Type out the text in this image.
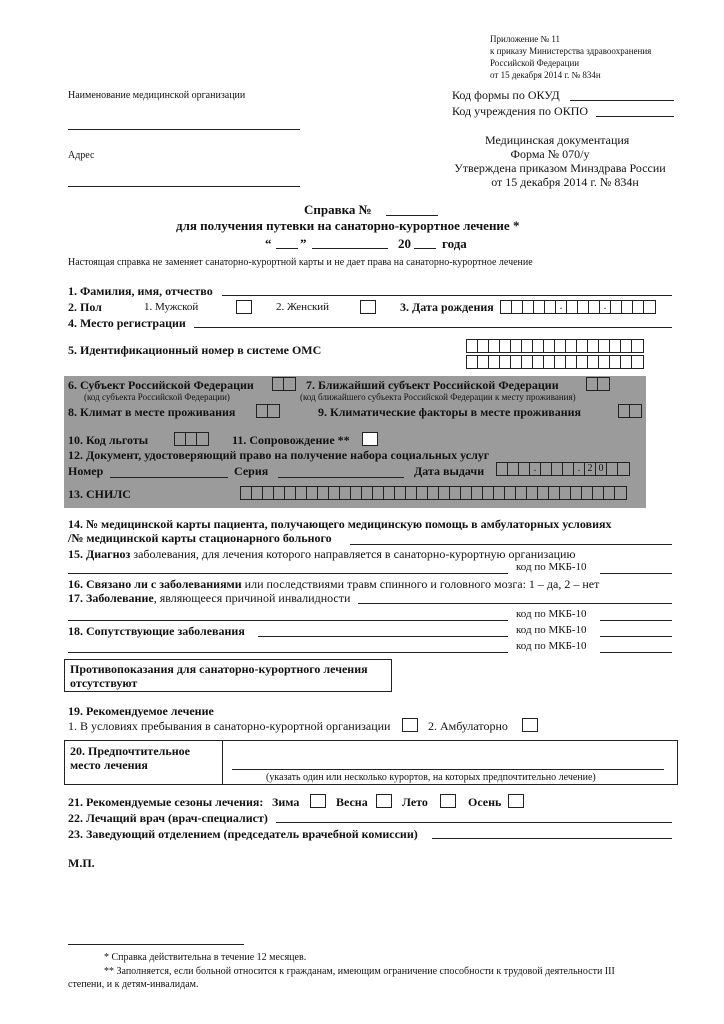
Приложение № 11
к приказу Министерства здравоохранения
Российской Федерации
от 15 декабря 2014 г. № 834н
Наименование медицинской организации
Адрес
Код формы по ОКУД
Код учреждения по ОКПО
Медицинская документация
Форма № 070/у
Утверждена приказом Минздрава России
от 15 декабря 2014 г. № 834н
Справка №
для получения путевки на санаторно-курортное лечение *
“ ”	20 года
Настоящая справка не заменяет санаторно-курортной карты и не дает права на санаторно-курортное лечение
1. Фамилия, имя, отчество
2. Пол	1. Мужской	2. Женский	3. Дата рождения	.	.
4. Место регистрации
5. Идентификационный номер в системе ОМС
6. Субъект Российской Федерации
(код субъекта Российской Федерации)
7. Ближайший субъект Российской Федерации
(код ближайшего субъекта Российской Федерации к месту проживания)
8. Климат в месте проживания	9. Климатические факторы в месте проживания
10. Код льготы	11. Сопровождение **
12. Документ, удостоверяющий право на получение набора социальных услуг
Номер	Серия	Дата выдачи	.	. 2 0
13. СНИЛС
14. № медицинской карты пациента, получающего медицинскую помощь в амбулаторных условиях
/№ медицинской карты стационарного больного
15. Диагноз заболевания, для лечения которого направляется в санаторно-курортную организацию
код по МКБ-10
16. Связано ли с заболеваниями или последствиями травм спинного и головного мозга: 1 – да, 2 – нет
17. Заболевание, являющееся причиной инвалидности
код по МКБ-10
18. Сопутствующие заболевания	код по МКБ-10
код по МКБ-10
Противопоказания для санаторно-курортного лечения
отсутствуют
19. Рекомендуемое лечение
1. В условиях пребывания в санаторно-курортной организации	2. Амбулаторно
20. Предпочтительное
место лечения
(указать один или несколько курортов, на которых предпочтительно лечение)
21. Рекомендуемые сезоны лечения: Зима	Весна	Лето	Осень
22. Лечащий врач (врач-специалист)
23. Заведующий отделением (председатель врачебной комиссии)
М.П.
* Справка действительна в течение 12 месяцев.
** Заполняется, если больной относится к гражданам, имеющим ограничение способности к трудовой деятельности III
степени, и к детям-инвалидам.
